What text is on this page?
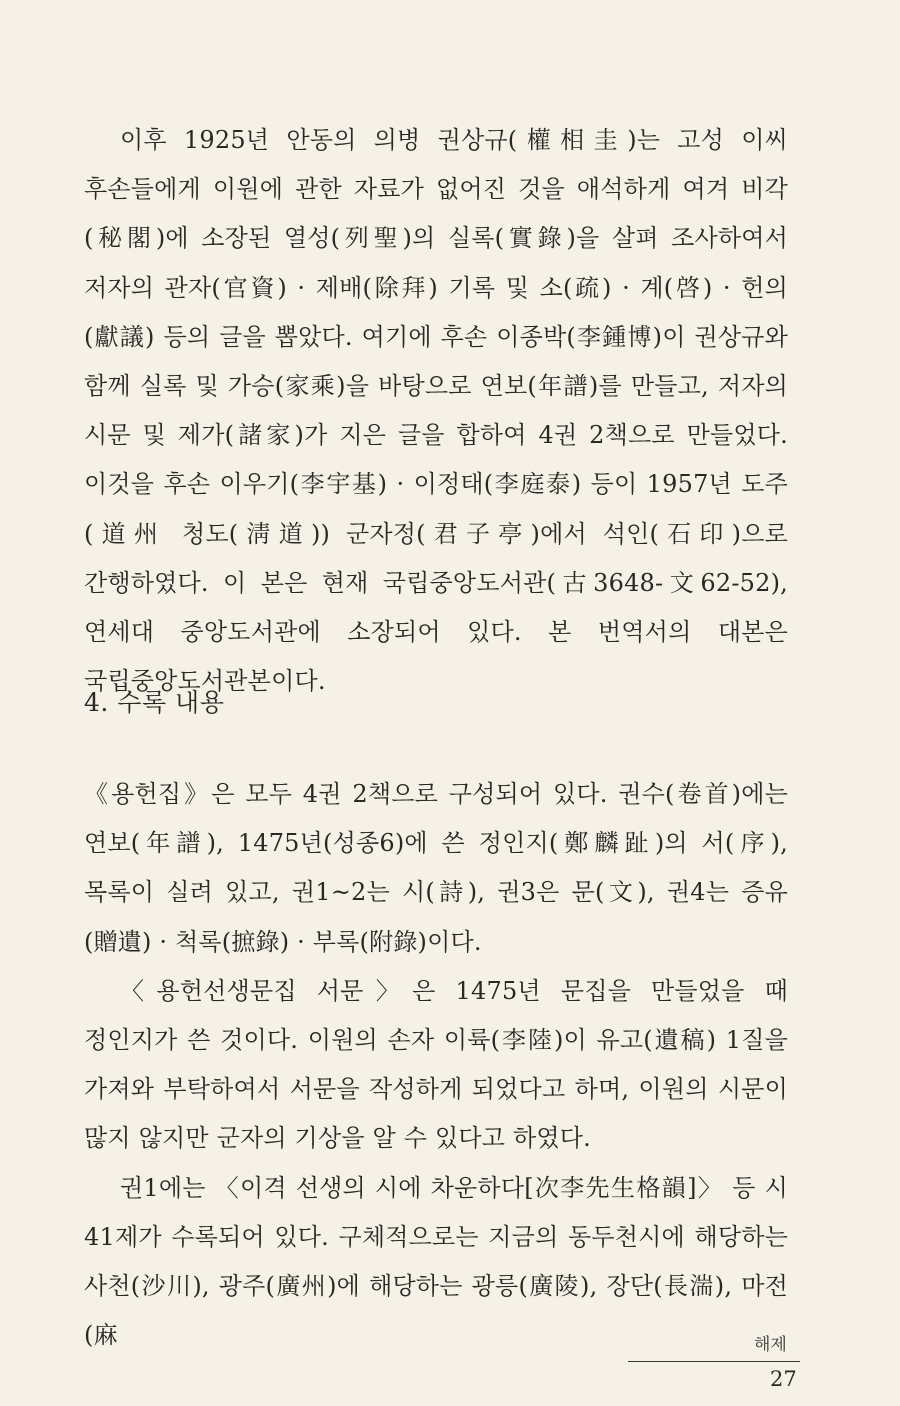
이후 1925년 안동의 의병 권상규(權相圭)는 고성 이씨 후손들에게 이원에 관한 자료가 없어진 것을 애석하게 여겨 비각(秘閣)에 소장된 열성(列聖)의 실록(實錄)을 살펴 조사하여서 저자의 관자(官資) · 제배(除拜) 기록 및 소(疏) · 계(啓) · 헌의(獻議) 등의 글을 뽑았다. 여기에 후손 이종박(李鍾博)이 권상규와 함께 실록 및 가승(家乘)을 바탕으로 연보(年譜)를 만들고, 저자의 시문 및 제가(諸家)가 지은 글을 합하여 4권 2책으로 만들었다. 이것을 후손 이우기(李宇基) · 이정태(李庭泰) 등이 1957년 도주(道州 청도(淸道)) 군자정(君子亭)에서 석인(石印)으로 간행하였다. 이 본은 현재 국립중앙도서관(古3648-文62-52), 연세대 중앙도서관에 소장되어 있다. 본 번역서의 대본은 국립중앙도서관본이다.

4. 수록 내용

《용헌집》은 모두 4권 2책으로 구성되어 있다. 권수(卷首)에는 연보(年譜), 1475년(성종6)에 쓴 정인지(鄭麟趾)의 서(序), 목록이 실려 있고, 권1~2는 시(詩), 권3은 문(文), 권4는 증유(贈遺) · 척록(摭錄) · 부록(附錄)이다.

〈용헌선생문집 서문〉은 1475년 문집을 만들었을 때 정인지가 쓴 것이다. 이원의 손자 이륙(李陸)이 유고(遺稿) 1질을 가져와 부탁하여서 서문을 작성하게 되었다고 하며, 이원의 시문이 많지 않지만 군자의 기상을 알 수 있다고 하였다.

권1에는 〈이격 선생의 시에 차운하다[次李先生格韻]〉 등 시 41제가 수록되어 있다. 구체적으로는 지금의 동두천시에 해당하는 사천(沙川), 광주(廣州)에 해당하는 광릉(廣陵), 장단(長湍), 마전(麻	해제
27
